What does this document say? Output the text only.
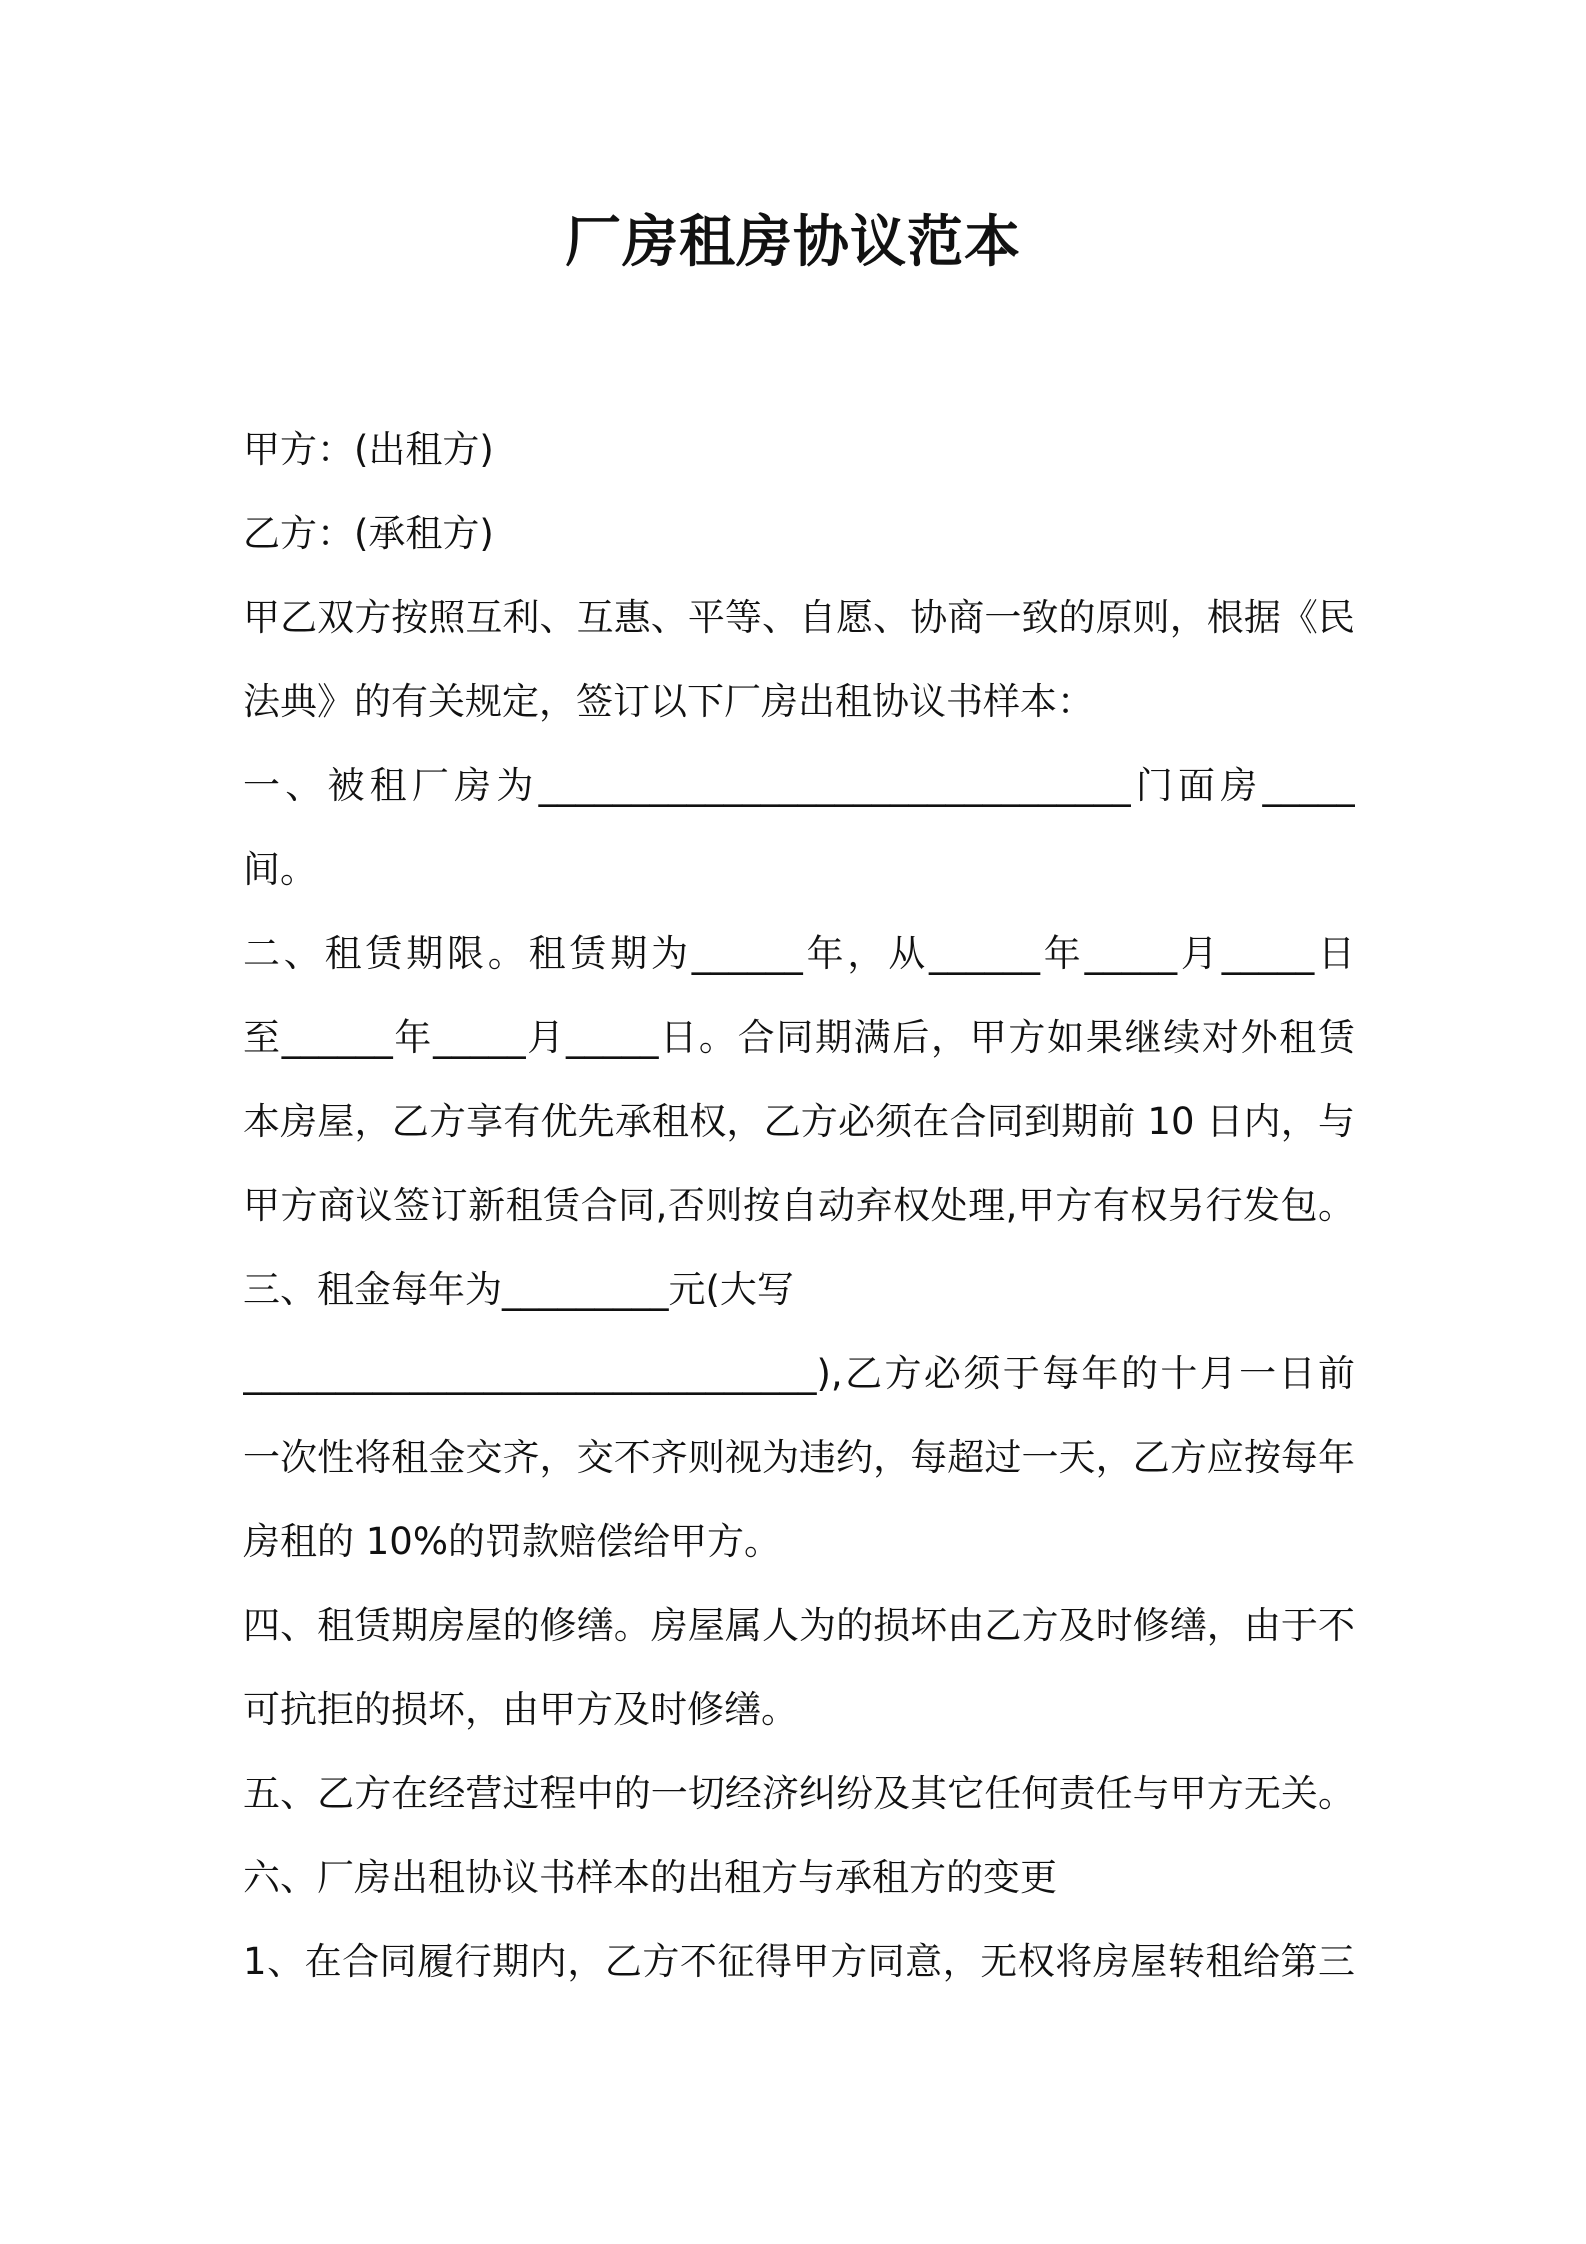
厂房租房协议范本
甲方：(出租方)
乙方：(承租方)
甲乙双方按照互利、互惠、平等、自愿、协商一致的原则，根据《民
法典》的有关规定，签订以下厂房出租协议书样本：
一、被租厂房为________________________________门面房_____
间。
二、租赁期限。租赁期为______年，从______年_____月_____日
至______年_____月_____日。合同期满后，甲方如果继续对外租赁
本房屋，乙方享有优先承租权，乙方必须在合同到期前 10 日内，与
甲方商议签订新租赁合同,否则按自动弃权处理,甲方有权另行发包。
三、租金每年为_________元(大写
_______________________________),乙方必须于每年的十月一日前
一次性将租金交齐，交不齐则视为违约，每超过一天，乙方应按每年
房租的 10%的罚款赔偿给甲方。
四、租赁期房屋的修缮。房屋属人为的损坏由乙方及时修缮，由于不
可抗拒的损坏，由甲方及时修缮。
五、乙方在经营过程中的一切经济纠纷及其它任何责任与甲方无关。
六、厂房出租协议书样本的出租方与承租方的变更
1、在合同履行期内，乙方不征得甲方同意，无权将房屋转租给第三
